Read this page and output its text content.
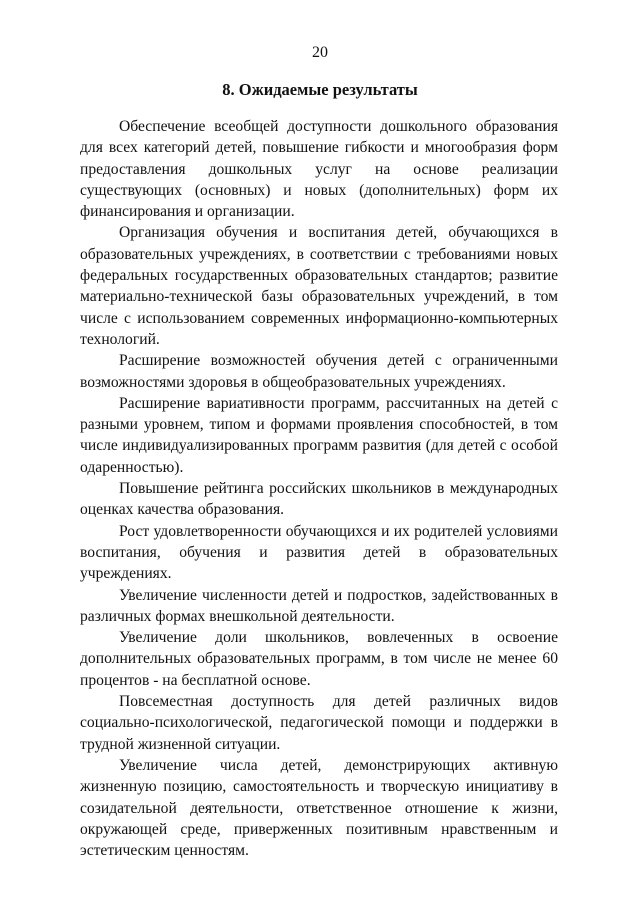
20
8. Ожидаемые результаты

Обеспечение всеобщей доступности дошкольного образования для всех категорий детей, повышение гибкости и многообразия форм предоставления дошкольных услуг на основе реализации существующих (основных) и новых (дополнительных) форм их финансирования и организации.

Организация обучения и воспитания детей, обучающихся в образовательных учреждениях, в соответствии с требованиями новых федеральных государственных образовательных стандартов; развитие материально-технической базы образовательных учреждений, в том числе с использованием современных информационно-компьютерных технологий.

Расширение возможностей обучения детей с ограниченными возможностями здоровья в общеобразовательных учреждениях.

Расширение вариативности программ, рассчитанных на детей с разными уровнем, типом и формами проявления способностей, в том числе индивидуализированных программ развития (для детей с особой одаренностью).

Повышение рейтинга российских школьников в международных оценках качества образования.

Рост удовлетворенности обучающихся и их родителей условиями воспитания, обучения и развития детей в образовательных учреждениях.

Увеличение численности детей и подростков, задействованных в различных формах внешкольной деятельности.

Увеличение доли школьников, вовлеченных в освоение дополнительных образовательных программ, в том числе не менее 60 процентов - на бесплатной основе.

Повсеместная доступность для детей различных видов социально-психологической, педагогической помощи и поддержки в трудной жизненной ситуации.

Увеличение числа детей, демонстрирующих активную жизненную позицию, самостоятельность и творческую инициативу в созидательной деятельности, ответственное отношение к жизни, окружающей среде, приверженных позитивным нравственным и эстетическим ценностям.
